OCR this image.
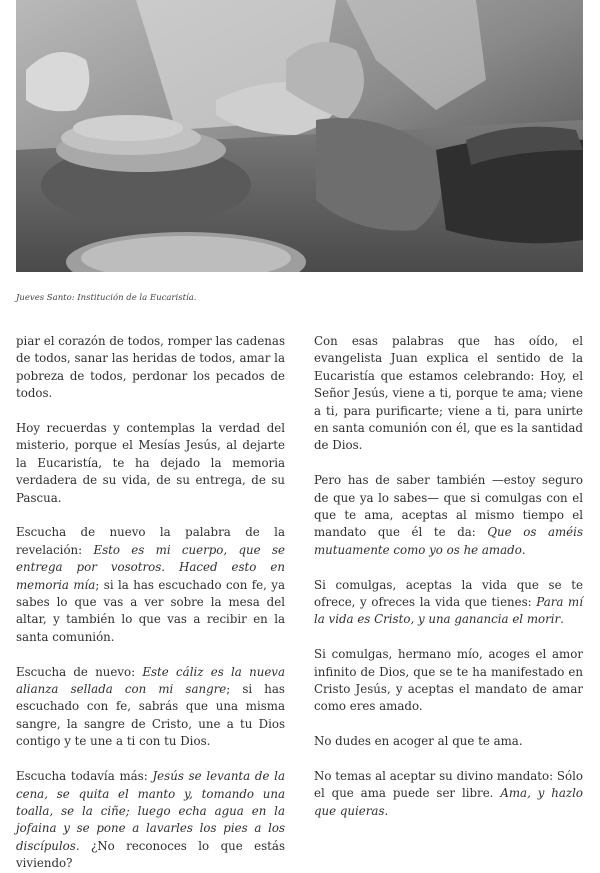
Jueves Santo: Institución de la Eucaristía.

piar el corazón de todos, romper las cadenas de todos, sanar las heridas de todos, amar la pobreza de todos, perdonar los pecados de todos.

Hoy recuerdas y contemplas la verdad del misterio, porque el Mesías Jesús, al dejarte la Eucaristía, te ha dejado la memoria verdadera de su vida, de su entrega, de su Pascua.

Escucha de nuevo la palabra de la revelación: Esto es mi cuerpo, que se entrega por vosotros. Haced esto en memoria mía; si la has escuchado con fe, ya sabes lo que vas a ver sobre la mesa del altar, y también lo que vas a recibir en la santa comunión.

Escucha de nuevo: Este cáliz es la nueva alianza sellada con mi sangre; si has escuchado con fe, sabrás que una misma sangre, la sangre de Cristo, une a tu Dios contigo y te une a ti con tu Dios.

Escucha todavía más: Jesús se levanta de la cena, se quita el manto y, tomando una toalla, se la ciñe; luego echa agua en la jofaina y se pone a lavarles los pies a los discípulos. ¿No reconoces lo que estás viviendo?

Con esas palabras que has oído, el evangelista Juan explica el sentido de la Eucaristía que estamos celebrando: Hoy, el Señor Jesús, viene a ti, porque te ama; viene a ti, para purificarte; viene a ti, para unirte en santa comunión con él, que es la santidad de Dios.

Pero has de saber también —estoy seguro de que ya lo sabes— que si comulgas con el que te ama, aceptas al mismo tiempo el mandato que él te da: Que os améis mutuamente como yo os he amado.

Si comulgas, aceptas la vida que se te ofrece, y ofreces la vida que tienes: Para mí la vida es Cristo, y una ganancia el morir.

Si comulgas, hermano mío, acoges el amor infinito de Dios, que se te ha manifestado en Cristo Jesús, y aceptas el mandato de amar como eres amado.

No dudes en acoger al que te ama.

No temas al aceptar su divino mandato: Sólo el que ama puede ser libre. Ama, y hazlo que quieras.
